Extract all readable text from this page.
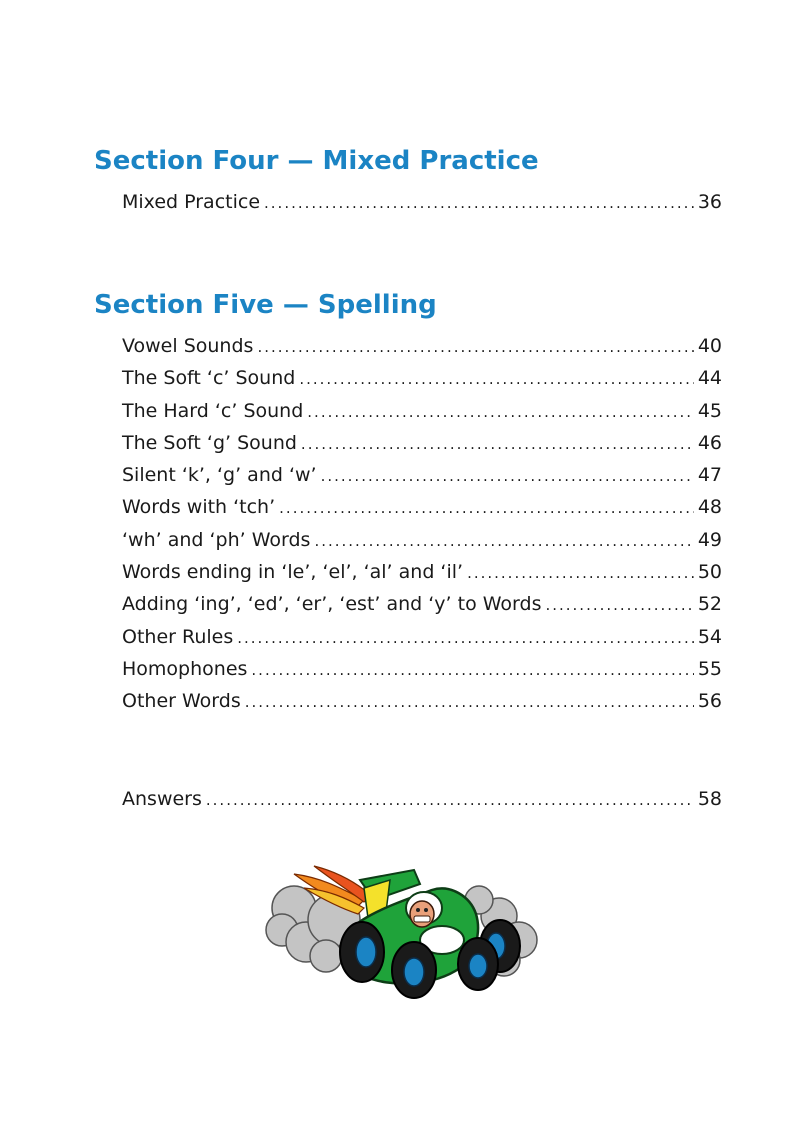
Section Four — Mixed Practice
Mixed Practice .....	36
Section Five — Spelling
Vowel Sounds .....	40
The Soft ‘c’ Sound .....	44
The Hard ‘c’ Sound .....	45
The Soft ‘g’ Sound .....	46
Silent ‘k’, ‘g’ and ‘w’ .....	47
Words with ‘tch’ .....	48
‘wh’ and ‘ph’ Words .....	49
Words ending in ‘le’, ‘el’, ‘al’ and ‘il’ .....	50
Adding ‘ing’, ‘ed’, ‘er’, ‘est’ and ‘y’ to Words .....	52
Other Rules .....	54
Homophones .....	55
Other Words .....	56
Answers .....	58
